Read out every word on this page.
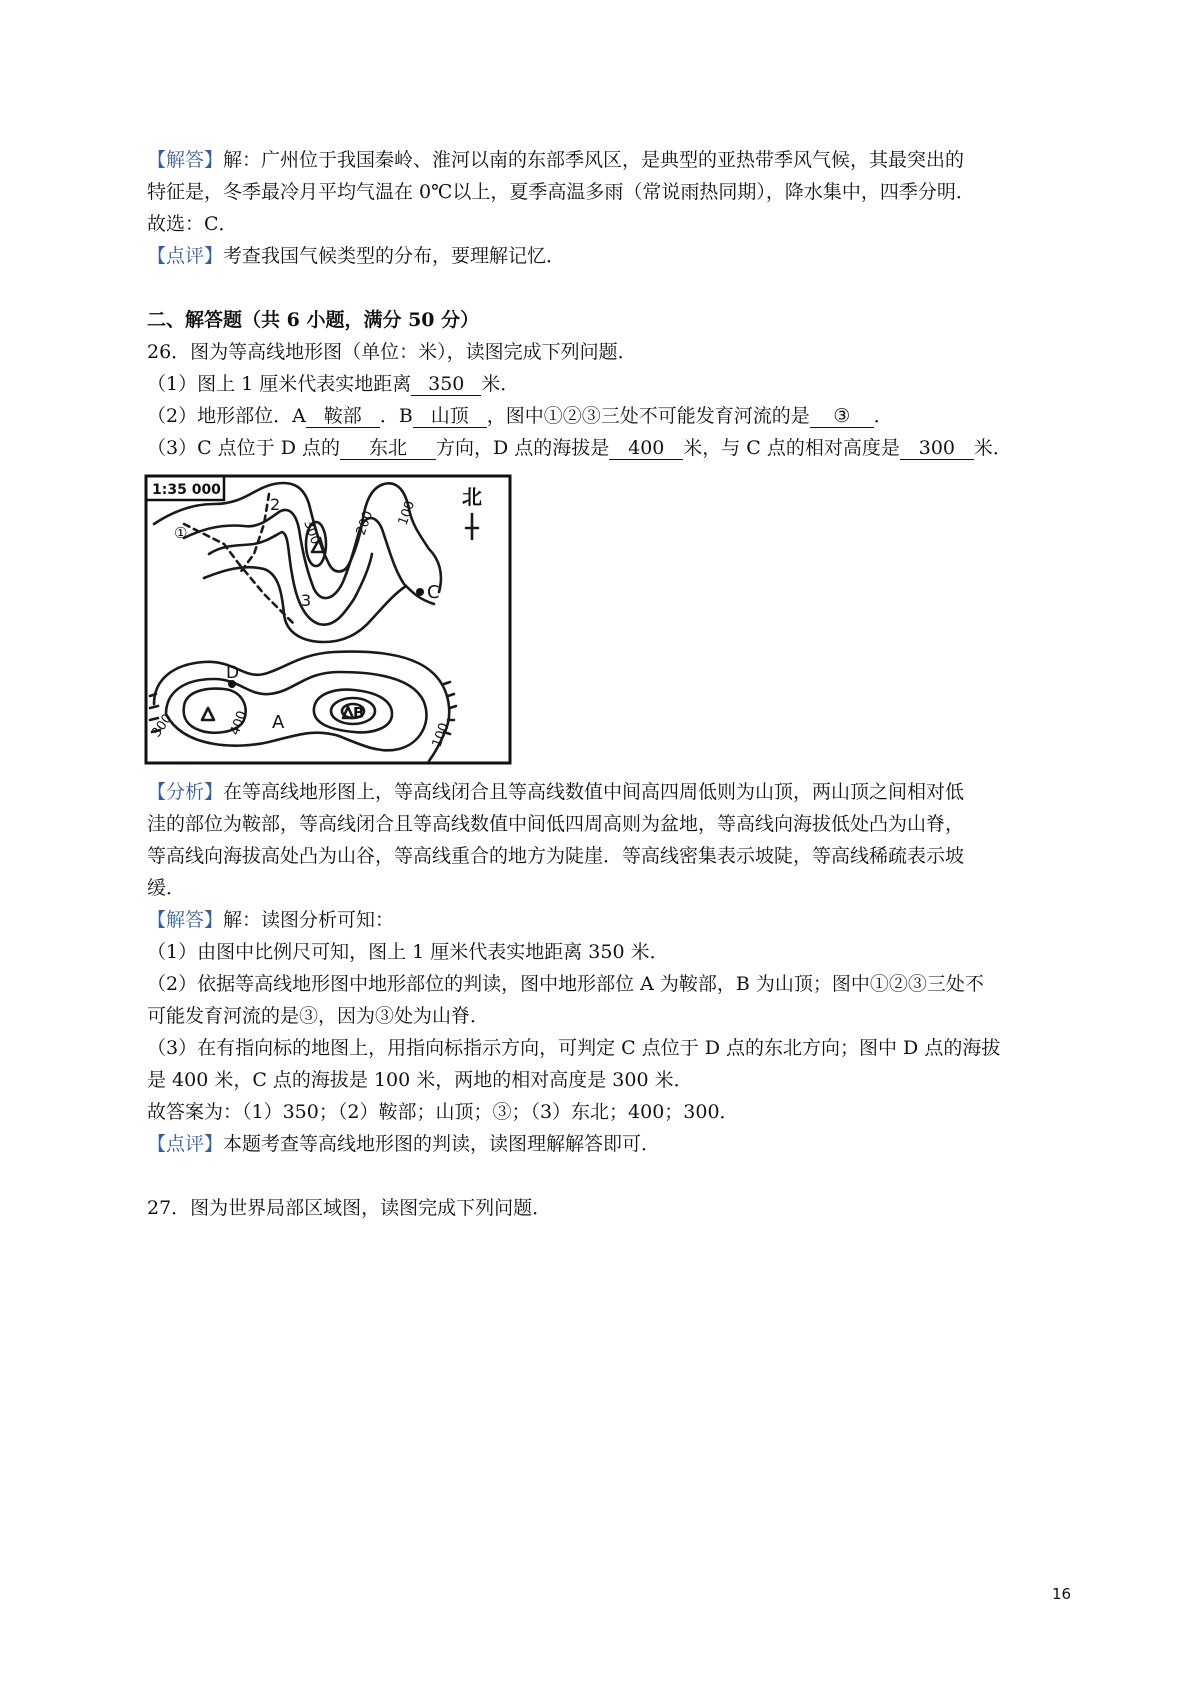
【解答】解：广州位于我国秦岭、淮河以南的东部季风区，是典型的亚热带季风气候，其最突出的
特征是，冬季最冷月平均气温在 0℃以上，夏季高温多雨（常说雨热同期），降水集中，四季分明．
故选：C．
【点评】考查我国气候类型的分布，要理解记忆．
二、解答题（共 6 小题，满分 50 分）
26．图为等高线地形图（单位：米），读图完成下列问题．
（1）图上 1 厘米代表实地距离 350 米．
（2）地形部位．A 鞍部 ．B 山顶 ，图中①②③三处不可能发育河流的是 ③ ．
（3）C 点位于 D 点的 东北 方向，D 点的海拔是 400 米，与 C 点的相对高度是 300 米．
1:35 000	北
①
2
3	C
D
A	B
300 200 100
300	400	100
【分析】在等高线地形图上，等高线闭合且等高线数值中间高四周低则为山顶，两山顶之间相对低
洼的部位为鞍部，等高线闭合且等高线数值中间低四周高则为盆地，等高线向海拔低处凸为山脊，
等高线向海拔高处凸为山谷，等高线重合的地方为陡崖．等高线密集表示坡陡，等高线稀疏表示坡
缓．
【解答】解：读图分析可知：
（1）由图中比例尺可知，图上 1 厘米代表实地距离 350 米．
（2）依据等高线地形图中地形部位的判读，图中地形部位 A 为鞍部，B 为山顶；图中①②③三处不
可能发育河流的是③，因为③处为山脊．
（3）在有指向标的地图上，用指向标指示方向，可判定 C 点位于 D 点的东北方向；图中 D 点的海拔
是 400 米，C 点的海拔是 100 米，两地的相对高度是 300 米．
故答案为：（1）350；（2）鞍部；山顶；③；（3）东北；400；300．
【点评】本题考查等高线地形图的判读，读图理解解答即可．
27．图为世界局部区域图，读图完成下列问题．
16
